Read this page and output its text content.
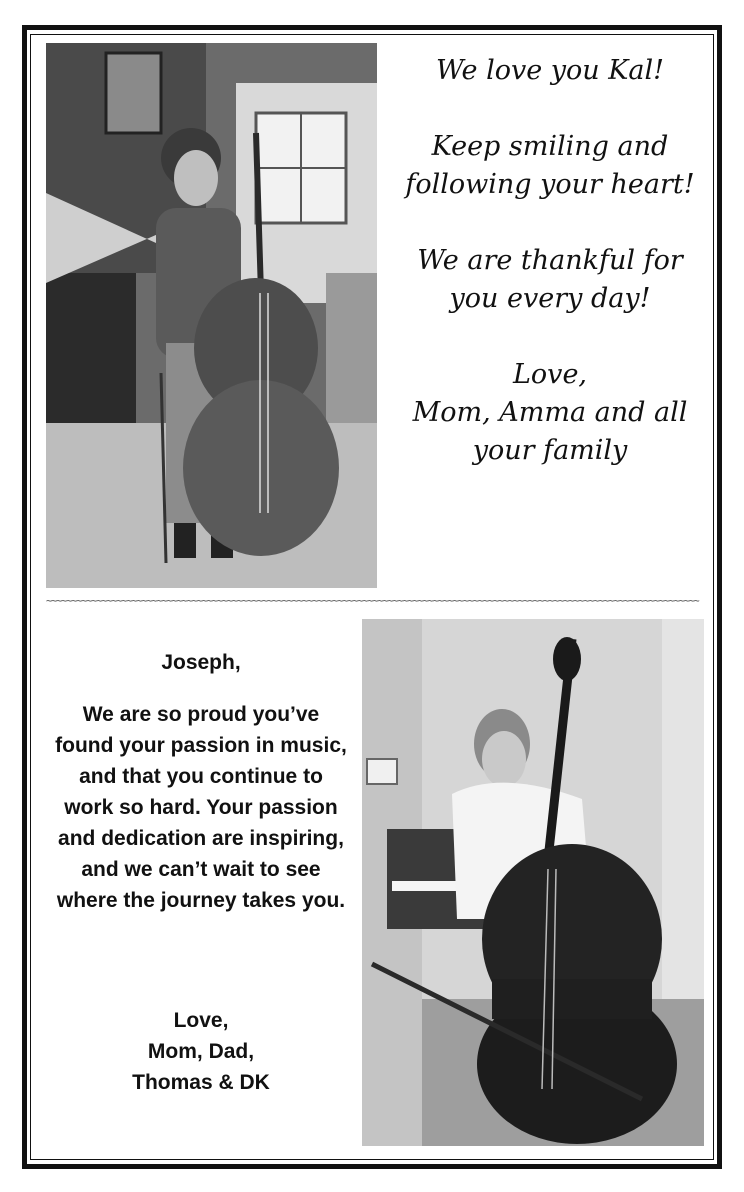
We love you Kal!

Keep smiling and following your heart!

We are thankful for you every day!

Love,

Mom, Amma and all your family

~~~~~~~~~~~~~~~~~~~~~~~~~~~~~~~~~~~~~~~~~~~~~~~~~~~~~~~~~~~~~~~~~~~~~~~~~~~~~~~~~~~~~~~~~~~~~~~~~~~~~~~~~~~~~~~~~~~~~~~~~~~~~~~~~~
Joseph,
We are so proud you’ve found your passion in music, and that you continue to work so hard. Your passion and dedication are inspiring, and we can’t wait to see where the journey takes you.
Love,
Mom, Dad,
Thomas & DK
